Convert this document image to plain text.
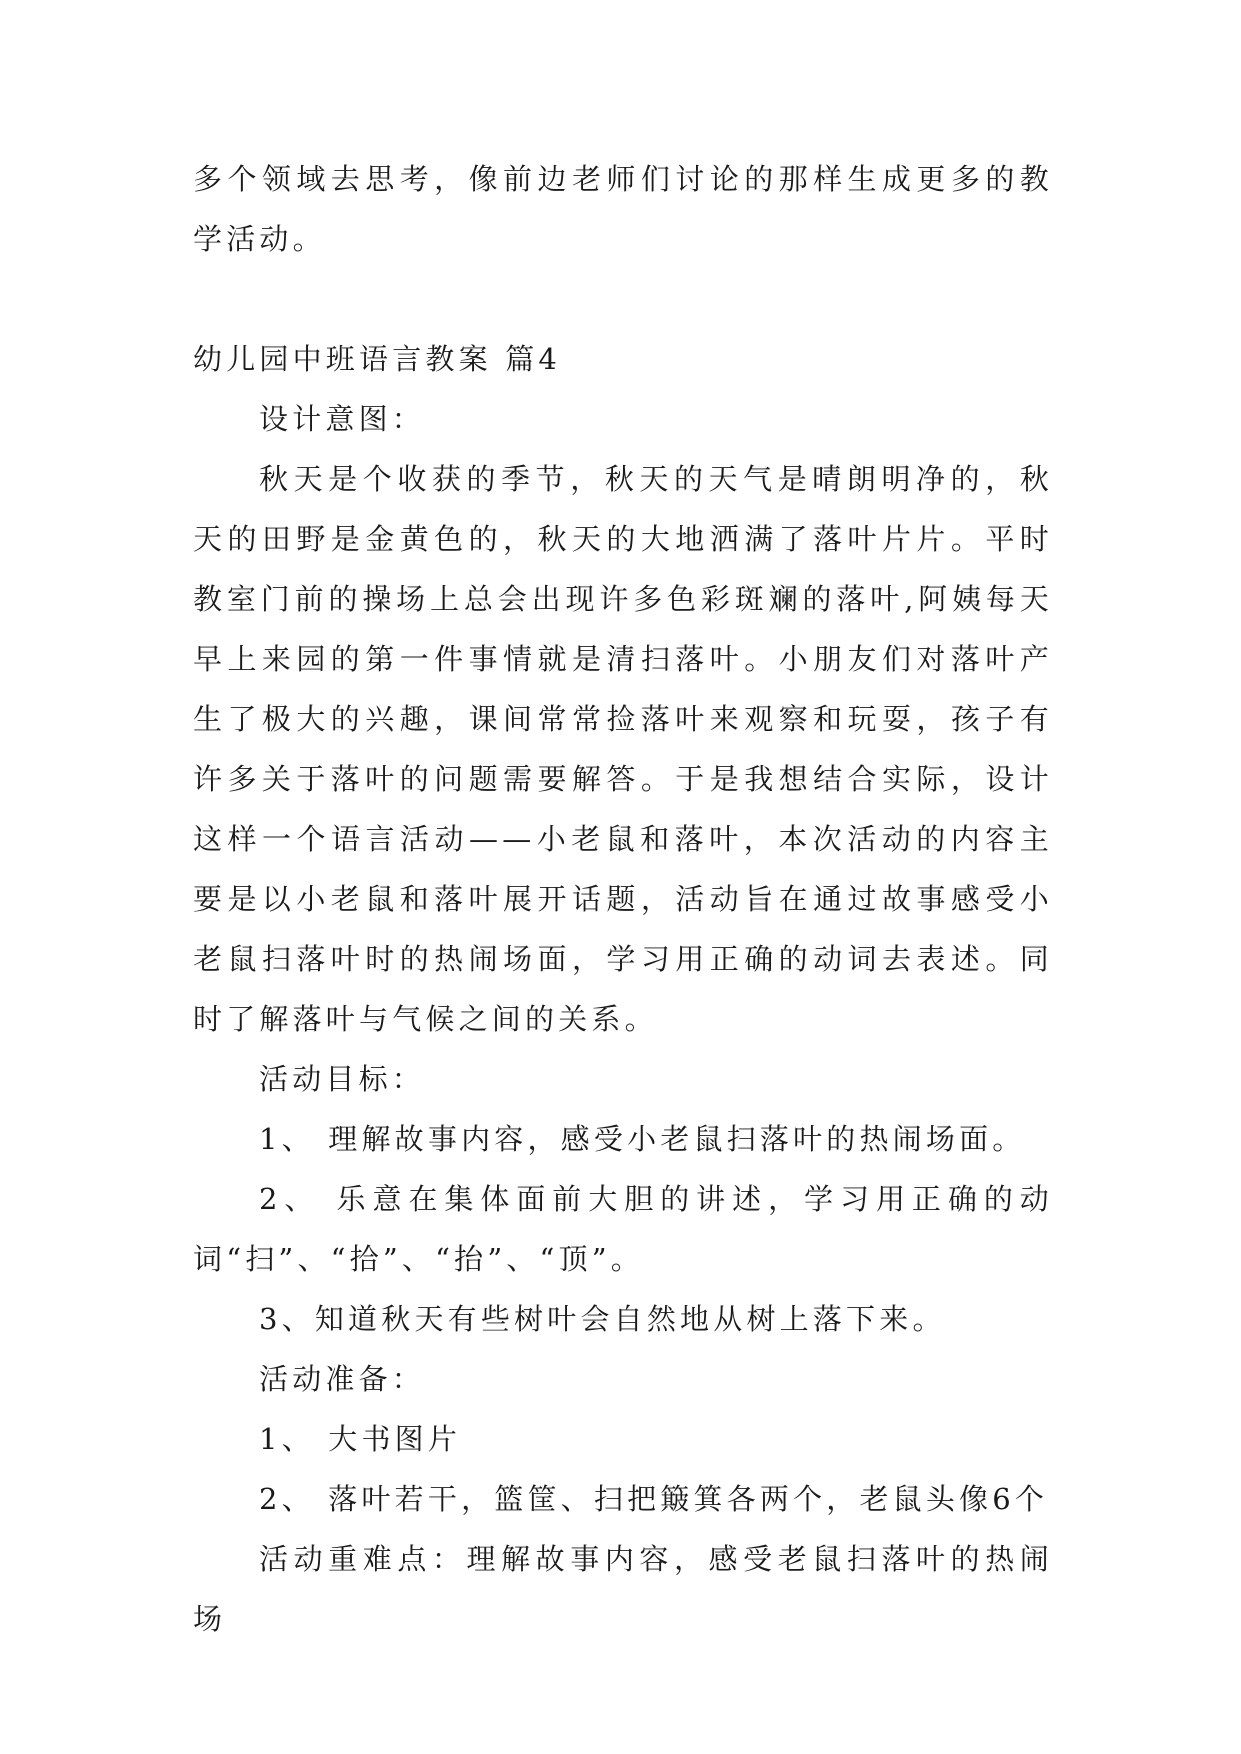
多个领域去思考，像前边老师们讨论的那样生成更多的教学活动。

幼儿园中班语言教案 篇4

设计意图：

秋天是个收获的季节，秋天的天气是晴朗明净的，秋天的田野是金黄色的，秋天的大地洒满了落叶片片。平时教室门前的操场上总会出现许多色彩斑斓的落叶,阿姨每天早上来园的第一件事情就是清扫落叶。小朋友们对落叶产生了极大的兴趣，课间常常捡落叶来观察和玩耍，孩子有许多关于落叶的问题需要解答。于是我想结合实际，设计这样一个语言活动——小老鼠和落叶，本次活动的内容主要是以小老鼠和落叶展开话题，活动旨在通过故事感受小老鼠扫落叶时的热闹场面，学习用正确的动词去表述。同时了解落叶与气候之间的关系。

活动目标：

1、 理解故事内容，感受小老鼠扫落叶的热闹场面。

2、 乐意在集体面前大胆的讲述，学习用正确的动词“扫”、“拾”、“抬”、“顶”。

3、知道秋天有些树叶会自然地从树上落下来。

活动准备：

1、 大书图片

2、 落叶若干，篮筐、扫把簸箕各两个，老鼠头像6个

活动重难点：理解故事内容，感受老鼠扫落叶的热闹场
